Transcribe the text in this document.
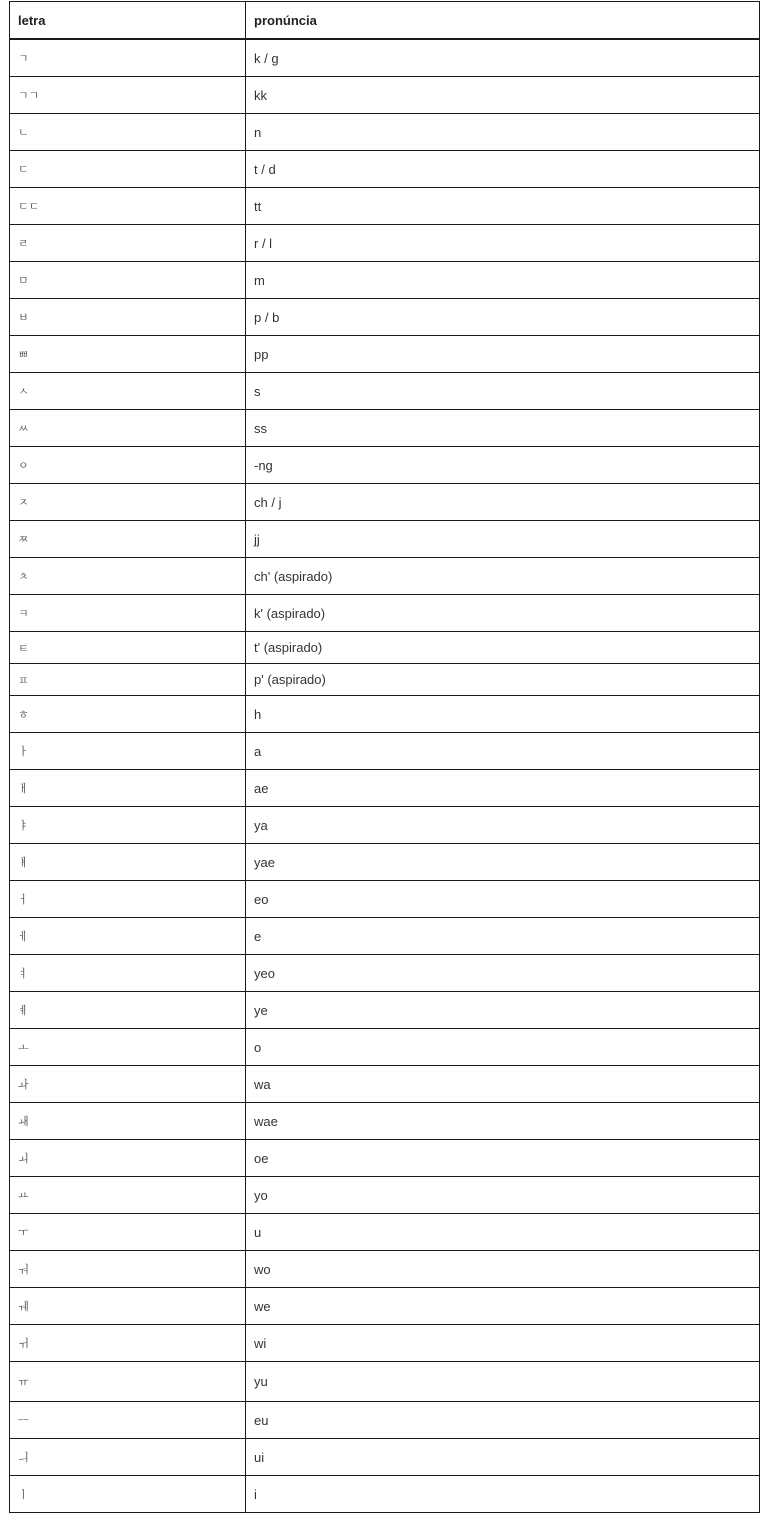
letra	pronúncia
ㄱ	k / g
ㄱㄱ	kk
ㄴ	n
ㄷ	t / d
ㄷㄷ	tt
ㄹ	r / l
ㅁ	m
ㅂ	p / b
ㅃ	pp
ㅅ	s
ㅆ	ss
ㅇ	-ng
ㅈ	ch / j
ㅉ	jj
ㅊ	ch' (aspirado)
ㅋ	k' (aspirado)
ㅌ	t' (aspirado)
ㅍ	p' (aspirado)
ㅎ	h
ㅏ	a
ㅐ	ae
ㅑ	ya
ㅒ	yae
ㅓ	eo
ㅔ	e
ㅕ	yeo
ㅖ	ye
ㅗ	o
ㅘ	wa
ㅙ	wae
ㅚ	oe
ㅛ	yo
ㅜ	u
ㅝ	wo
ㅞ	we
ㅟ	wi
ㅠ	yu
ㅡ	eu
ㅢ	ui
ㅣ	i
